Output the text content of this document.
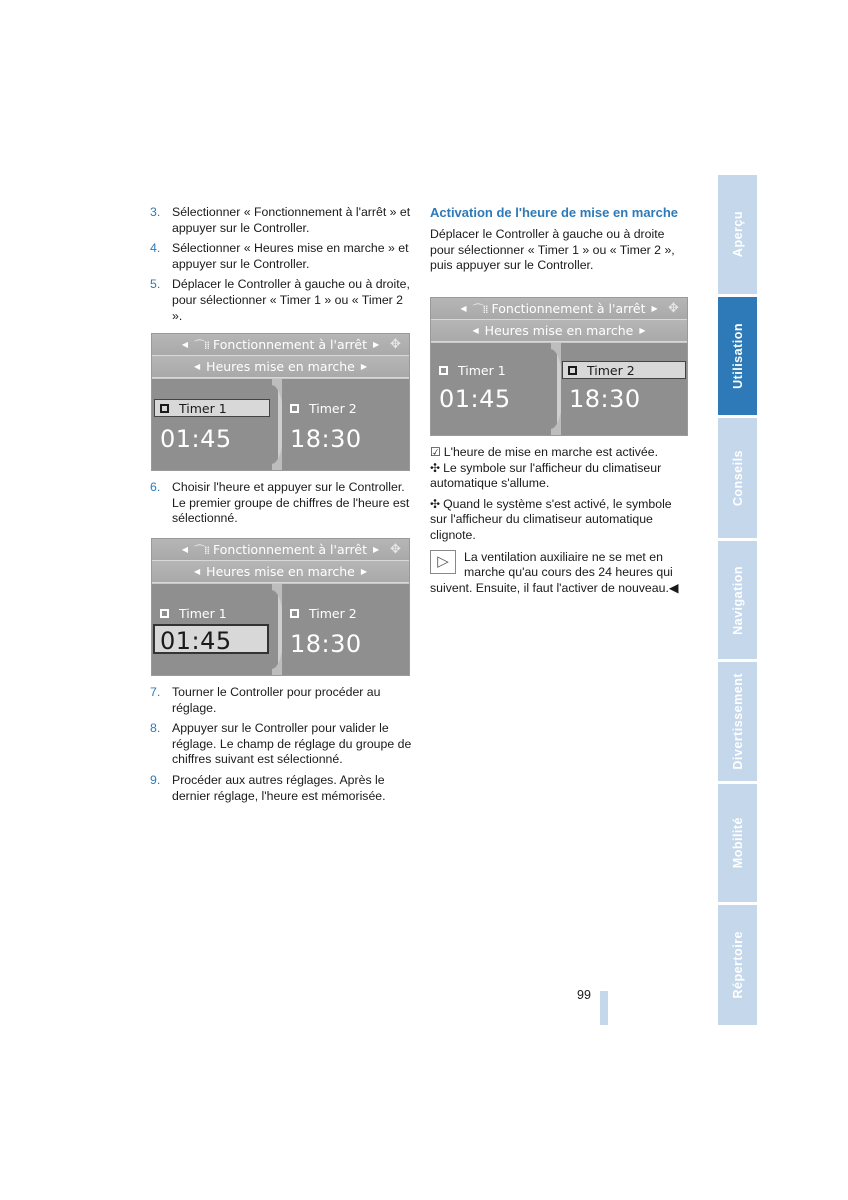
3. Sélectionner « Fonctionnement à l'arrêt » et appuyer sur le Controller.
4. Sélectionner « Heures mise en marche » et appuyer sur le Controller.
5. Déplacer le Controller à gauche ou à droite, pour sélectionner « Timer 1 » ou « Timer 2 ».
◀ ⌒⁞⁞ Fonctionnement à l'arrêt ▶ ✥
◀ Heures mise en marche ▶
Timer 1
01:45
Timer 2
18:30
6. Choisir l'heure et appuyer sur le Controller. Le premier groupe de chiffres de l'heure est sélectionné.
◀ ⌒⁞⁞ Fonctionnement à l'arrêt ▶ ✥
◀ Heures mise en marche ▶
Timer 1
01:45
Timer 2
18:30
7. Tourner le Controller pour procéder au réglage.
8. Appuyer sur le Controller pour valider le réglage. Le champ de réglage du groupe de chiffres suivant est sélectionné.
9. Procéder aux autres réglages. Après le dernier réglage, l'heure est mémorisée.
Activation de l'heure de mise en marche
Déplacer le Controller à gauche ou à droite pour sélectionner « Timer 1 » ou « Timer 2 », puis appuyer sur le Controller.
◀ ⌒⁞⁞ Fonctionnement à l'arrêt ▶ ✥
◀ Heures mise en marche ▶
Timer 1
01:45
Timer 2
18:30
☑ L'heure de mise en marche est activée.
✣ Le symbole sur l'afficheur du climatiseur automatique s'allume.
✣ Quand le système s'est activé, le symbole sur l'afficheur du climatiseur automatique clignote.
▷	La ventilation auxiliaire ne se met en marche qu'au cours des 24 heures qui suivent. Ensuite, il faut l'activer de nouveau.◀
Aperçu
Utilisation
Conseils
Navigation
Divertissement
Mobilité
Répertoire
99
